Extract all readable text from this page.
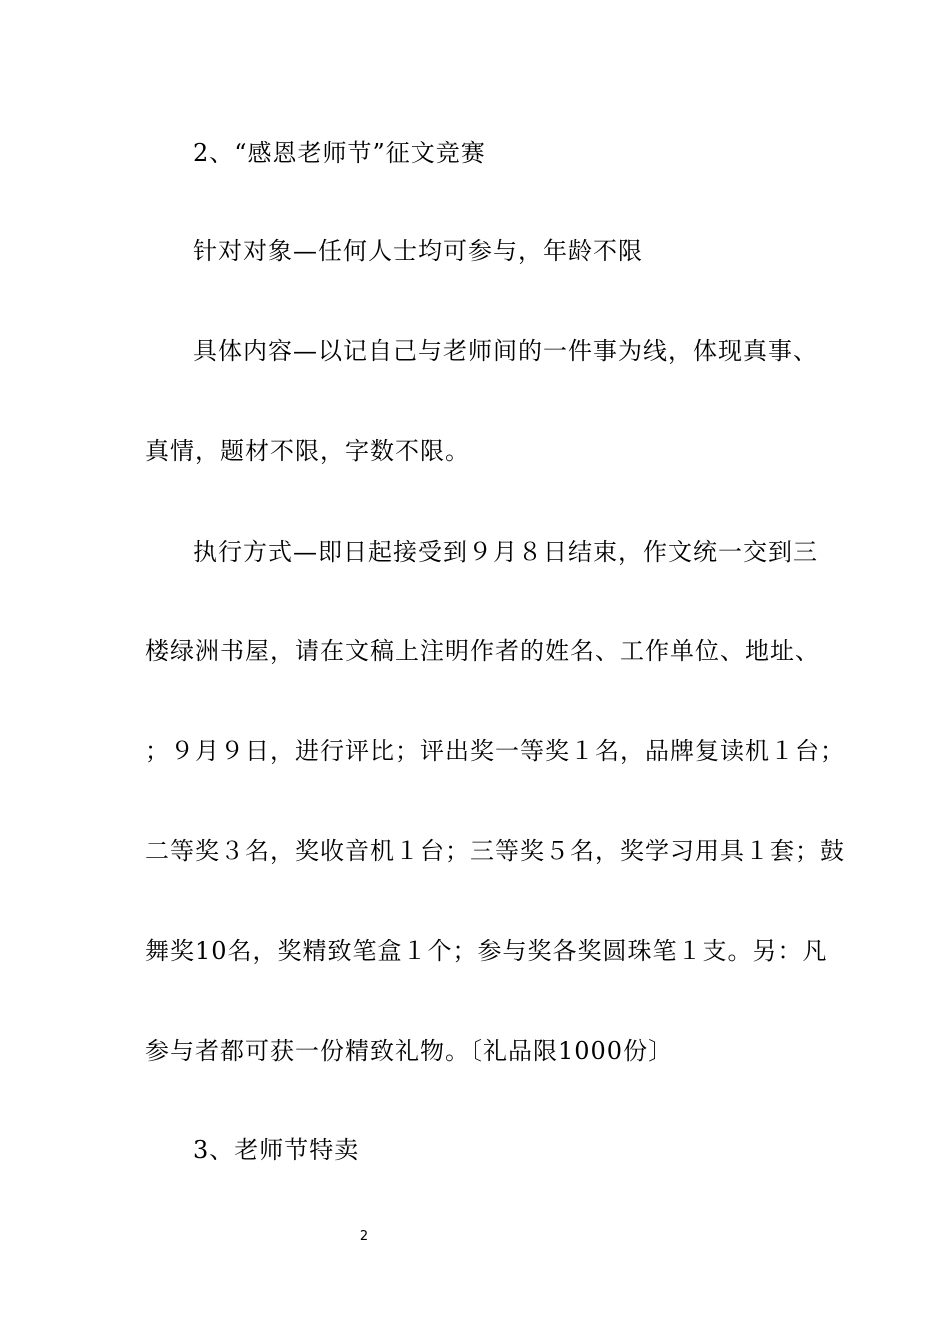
2、“感恩老师节”征文竞赛
针对对象—任何人士均可参与，年龄不限
具体内容—以记自己与老师间的一件事为线，体现真事、
真情，题材不限，字数不限。
执行方式—即日起接受到９月８日结束，作文统一交到三
楼绿洲书屋，请在文稿上注明作者的姓名、工作单位、地址、
；９月９日，进行评比；评出奖一等奖１名，品牌复读机１台；
二等奖３名，奖收音机１台；三等奖５名，奖学习用具１套；鼓
舞奖10名，奖精致笔盒１个；参与奖各奖圆珠笔１支。另：凡
参与者都可获一份精致礼物。〔礼品限1000份〕
3、老师节特卖
2
